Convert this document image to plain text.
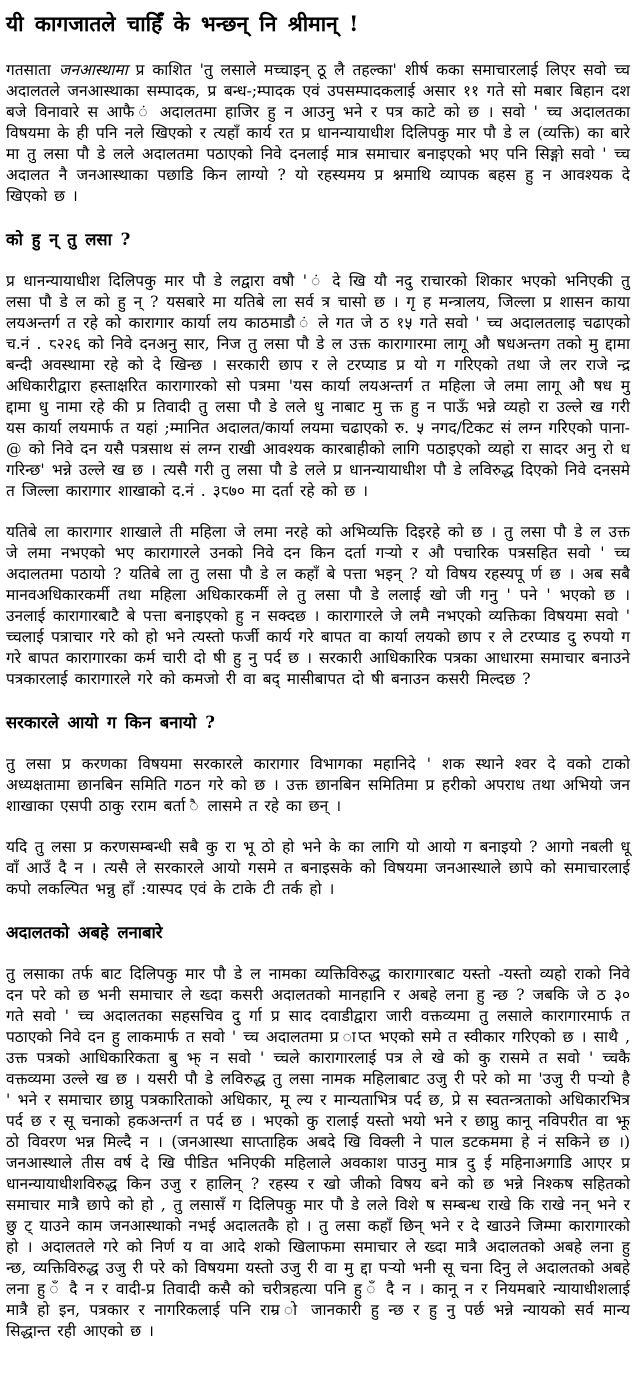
यी कागजातले चाहिँ के भन्छन् नि श्रीमान् !

गतसाता जनआस्थामा प्र काशित 'तु लसाले मच्चाइन् ठू लै तहल्का' शीर्ष कका समाचारलाई लिएर सवो च्च अदालतले जनआस्थाका सम्पादक, प्र बन्ध-;म्पादक एवं उपसम्पादकलाई असार ११ गते सो मबार बिहान दश बजे विनावारे स आफै ं अदालतमा हाजिर हु न आउनु भने र पत्र काटे को छ । सवो ' च्च अदालतका विषयमा के ही पनि नले खिएको र त्यहाँ कार्य रत प्र धानन्यायाधीश दिलिपकु मार पौ डे ल (व्यक्ति) का बारे मा तु लसा पौ डे लले अदालतमा पठाएको निवे दनलाई मात्र समाचार बनाइएको भए पनि सिङ्गो सवो ' च्च अदालत नै जनआस्थाका पछाडि किन लाग्यो ? यो रहस्यमय प्र श्नमाथि व्यापक बहस हु न आवश्यक दे खिएको छ ।

को हु न् तु लसा ?

प्र धानन्यायाधीश दिलिपकु मार पौ डे लद्वारा वषौ ' ं दे खि यौ नदु राचारको शिकार भएको भनिएकी तु लसा पौ डे ल को हु न् ? यसबारे मा यतिबे ला सर्व त्र चासो छ । गृ ह मन्त्रालय, जिल्ला प्र शासन काया लयअन्तर्ग त रहे को कारागार कार्या लय काठमाडौ ं ले गत जे ठ १५ गते सवो ' च्च अदालतलाइ चढाएको च.नं . ८२२६ को निवे दनअनु सार, निज तु लसा पौ डे ल उक्त कारागारमा लागू औ षधअन्तग तको मु द्दामा बन्दी अवस्थामा रहे को दे खिन्छ । सरकारी छाप र ले टरप्याड प्र यो ग गरिएको तथा जे लर राजे न्द्र अधिकारीद्वारा हस्ताक्षरित कारागारको सो पत्रमा 'यस कार्या लयअन्तर्ग त महिला जे लमा लागू औ षध मु द्दामा धु नामा रहे की प्र तिवादी तु लसा पौ डे लले धु नाबाट मु क्त हु न पाऊँ भन्ने व्यहो रा उल्ले ख गरी यस कार्या लयमार्फ त यहां ;म्मानित अदालत/कार्या लयमा चढाएको रु. ५ नगद/टिकट सं लग्न गरिएको पाना- @ को निवे दन यसै पत्रसाथ सं लग्न राखी आवश्यक कारबाहीको लागि पठाइएको व्यहो रा सादर अनु रो ध गरिन्छ' भन्ने उल्ले ख छ । त्यसै गरी तु लसा पौ डे लले प्र धानन्यायाधीश पौ डे लविरुद्ध दिएको निवे दनसमे त जिल्ला कारागार शाखाको द.नं . ३८७० मा दर्ता रहे को छ ।

यतिबे ला कारागार शाखाले ती महिला जे लमा नरहे को अभिव्यक्ति दिइरहे को छ । तु लसा पौ डे ल उक्त जे लमा नभएको भए कारागारले उनको निवे दन किन दर्ता गऱ्यो र औ पचारिक पत्रसहित सवो ' च्च अदालतमा पठायो ? यतिबे ला तु लसा पौ डे ल कहाँ बे पत्ता भइन् ? यो विषय रहस्यपू र्ण छ । अब सबै मानवअधिकारकर्मी तथा महिला अधिकारकर्मी ले तु लसा पौ डे ललाई खो जी गनु ' पने ' भएको छ । उनलाई कारागारबाटै बे पत्ता बनाइएको हु न सक्दछ । कारागारले जे लमै नभएको व्यक्तिका विषयमा सवो ' च्चलाई पत्राचार गरे को हो भने त्यस्तो फर्जी कार्य गरे बापत वा कार्या लयको छाप र ले टरप्याड दु रुपयो ग गरे बापत कारागारका कर्म चारी दो षी हु नु पर्द छ । सरकारी आधिकारिक पत्रका आधारमा समाचार बनाउने पत्रकारलाई कारागारले गरे को कमजो री वा बद् मासीबापत दो षी बनाउन कसरी मिल्दछ ?

सरकारले आयो ग किन बनायो ?

तु लसा प्र करणका विषयमा सरकारले कारागार विभागका महानिदे ' शक स्थाने श्वर दे वको टाको अध्यक्षतामा छानबिन समिति गठन गरे को छ । उक्त छानबिन समितिमा प्र हरीको अपराध तथा अभियो जन शाखाका एसपी ठाकु रराम बर्ता ै लासमे त रहे का छन् ।

यदि तु लसा प्र करणसम्बन्धी सबै कु रा भू ठो हो भने के का लागि यो आयो ग बनाइयो ? आगो नबली धू वाँ आउँ दै न । त्यसै ले सरकारले आयो गसमे त बनाइसके को विषयमा जनआस्थाले छापे को समाचारलाई कपो लकल्पित भन्नु हाँ :यास्पद एवं के टाके टी तर्क हो ।

अदालतको अबहे लनाबारे

तु लसाका तर्फ बाट दिलिपकु मार पौ डे ल नामका व्यक्तिविरुद्ध कारागारबाट यस्तो -यस्तो व्यहो राको निवे दन परे को छ भनी समाचार ले ख्दा कसरी अदालतको मानहानि र अबहे लना हु न्छ ? जबकि जे ठ ३० गते सवो ' च्च अदालतका सहसचिव दु र्गा प्र साद दवाडीद्वारा जारी वक्तव्यमा तु लसाले कारागारमार्फ त पठाएको निवे दन हु लाकमार्फ त सवो ' च्च अदालतमा प्र ाप्त भएको समे त स्वीकार गरिएको छ । साथै , उक्त पत्रको आधिकारिकता बु झ् न सवो ' च्चले कारागारलाई पत्र ले खे को कु रासमे त सवो ' च्चकै वक्तव्यमा उल्ले ख छ । यसरी पौ डे लविरुद्ध तु लसा नामक महिलाबाट उजु री परे को मा 'उजु री पऱ्यो है ' भने र समाचार छाप्नु पत्रकारिताको अधिकार, मू ल्य र मान्यताभित्र पर्द छ, प्रे स स्वतन्त्रताको अधिकारभित्र पर्द छ र सू चनाको हकअन्तर्ग त पर्द छ । भएको कु रालाई यस्तो भयो भने र छाप्नु कानू नविपरीत वा झू ठो विवरण भन्न मिल्दै न । (जनआस्था साप्ताहिक अबदे खि विक्ली ने पाल डटकममा हे नं सकिने छ ।) जनआस्थाले तीस वर्ष दे खि पीडित भनिएकी महिलाले अवकाश पाउनु मात्र दु ई महिनाअगाडि आएर प्र धानन्यायाधीशविरुद्ध किन उजु र हालिन् ? रहस्य र खो जीको विषय बने को छ भन्ने निश्कष सहितको समाचार मात्रै छापे को हो , तु लसासँ ग दिलिपकु मार पौ डे लले विशे ष सम्बन्ध राखे कि राखे नन् भने र छु ट् याउने काम जनआस्थाको नभई अदालतकै हो । तु लसा कहाँ छिन् भने र दे खाउने जिम्मा कारागारको हो । अदालतले गरे को निर्ण य वा आदे शको खिलाफमा समाचार ले ख्दा मात्रै अदालतको अबहे लना हु न्छ, व्यक्तिविरुद्ध उजु री परे को विषयमा यस्तो उजु री वा मु द्दा पऱ्यो भनी सू चना दिनु ले अदालतको अबहे लना हु ँ दै न र वादी-प्र तिवादी कसै को चरीत्रहत्या पनि हु ँ दै न । कानू न र नियमबारे न्यायाधीशलाई मात्रै हो इन, पत्रकार र नागरिकलाई पनि राम्र ो जानकारी हु न्छ र हु नु पर्छ भन्ने न्यायको सर्व मान्य सिद्धान्त रही आएको छ ।
